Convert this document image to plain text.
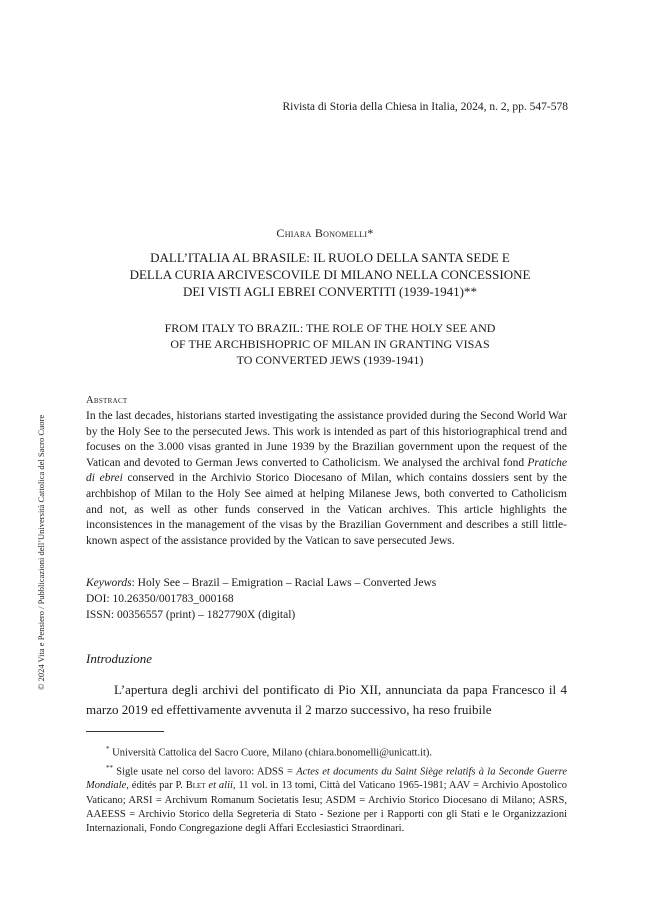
Rivista di Storia della Chiesa in Italia, 2024, n. 2, pp. 547-578
Chiara Bonomelli*
DALL’ITALIA AL BRASILE: IL RUOLO DELLA SANTA SEDE E
DELLA CURIA ARCIVESCOVILE DI MILANO NELLA CONCESSIONE
DEI VISTI AGLI EBREI CONVERTITI (1939-1941)**
FROM ITALY TO BRAZIL: THE ROLE OF THE HOLY SEE AND
OF THE ARCHBISHOPRIC OF MILAN IN GRANTING VISAS
TO CONVERTED JEWS (1939-1941)
Abstract
In the last decades, historians started investigating the assistance provided during the Second World War by the Holy See to the persecuted Jews. This work is intended as part of this historiographical trend and focuses on the 3.000 visas granted in June 1939 by the Brazilian government upon the request of the Vatican and devoted to German Jews converted to Catholicism. We analysed the archival fond Pratiche di ebrei conserved in the Archivio Storico Diocesano of Milan, which contains dossiers sent by the archbishop of Milan to the Holy See aimed at helping Milanese Jews, both converted to Catholicism and not, as well as other funds conserved in the Vatican archives. This article highlights the inconsistences in the management of the visas by the Brazilian Government and describes a still little-known aspect of the assistance provided by the Vatican to save persecuted Jews.
Keywords: Holy See – Brazil – Emigration – Racial Laws – Converted Jews
DOI: 10.26350/001783_000168
ISSN: 00356557 (print) – 1827790X (digital)
Introduzione
L’apertura degli archivi del pontificato di Pio XII, annunciata da papa Francesco il 4 marzo 2019 ed effettivamente avvenuta il 2 marzo successivo, ha reso fruibile

* Università Cattolica del Sacro Cuore, Milano (chiara.bonomelli@unicatt.it).

** Sigle usate nel corso del lavoro: ADSS = Actes et documents du Saint Siège relatifs à la Seconde Guerre Mondiale, édités par P. Blet et alii, 11 vol. in 13 tomi, Città del Vaticano 1965-1981; AAV = Archivio Apostolico Vaticano; ARSI = Archivum Romanum Societatis Iesu; ASDM = Archivio Storico Diocesano di Milano; ASRS, AAEESS = Archivio Storico della Segreteria di Stato - Sezione per i Rapporti con gli Stati e le Organizzazioni Internazionali, Fondo Congregazione degli Affari Ecclesiastici Straordinari.

© 2024 Vita e Pensiero / Pubblicazioni dell’Università Cattolica del Sacro Cuore
